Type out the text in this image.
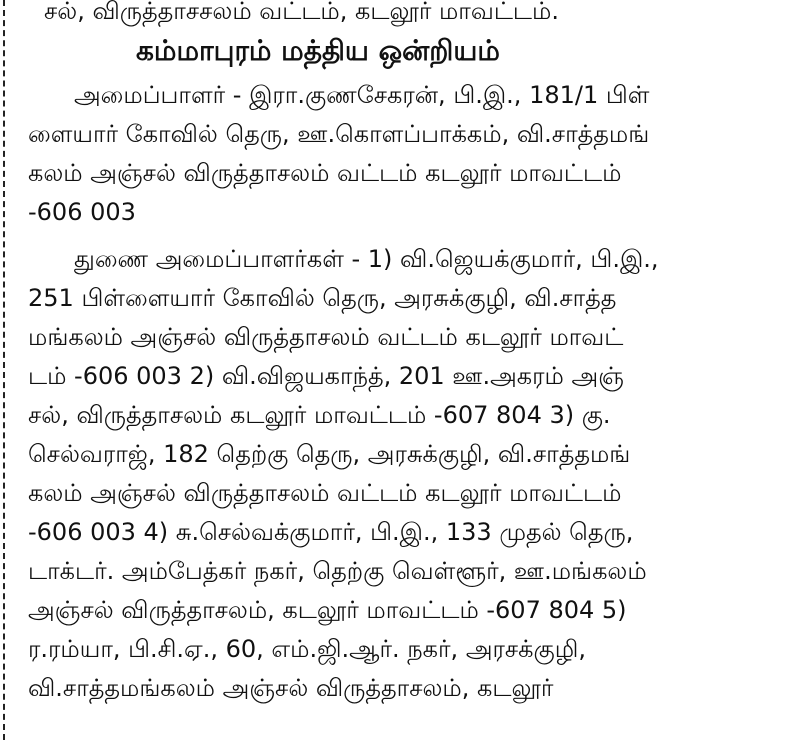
சல், விருத்தாசசலம் வட்டம், கடலூர் மாவட்டம்.
கம்மாபுரம் மத்திய ஒன்றியம்
அமைப்பாளர் - இரா.குணசேகரன், பி.இ., 181/1 பிள்
ளையார் கோவில் தெரு, ஊ.கொளப்பாக்கம், வி.சாத்தமங்
கலம் அஞ்சல் விருத்தாசலம் வட்டம் கடலூர் மாவட்டம்
-606 003
துணை அமைப்பாளர்கள் - 1) வி.ஜெயக்குமார், பி.இ.,
251 பிள்ளையார் கோவில் தெரு, அரசுக்குழி, வி.சாத்த
மங்கலம் அஞ்சல் விருத்தாசலம் வட்டம் கடலூர் மாவட்
டம் -606 003 2) வி.விஜயகாந்த், 201 ஊ.அகரம் அஞ்
சல், விருத்தாசலம் கடலூர் மாவட்டம் -607 804 3) கு.
செல்வராஜ், 182 தெற்கு தெரு, அரசுக்குழி, வி.சாத்தமங்
கலம் அஞ்சல் விருத்தாசலம் வட்டம் கடலூர் மாவட்டம்
-606 003 4) சு.செல்வக்குமார், பி.இ., 133 முதல் தெரு,
டாக்டர். அம்பேத்கர் நகர், தெற்கு வெள்ளூர், ஊ.மங்கலம்
அஞ்சல் விருத்தாசலம், கடலூர் மாவட்டம் -607 804 5)
ர.ரம்யா, பி.சி.ஏ., 60, எம்.ஜி.ஆர். நகர், அரசக்குழி,
வி.சாத்தமங்கலம் அஞ்சல் விருத்தாசலம், கடலூர்
